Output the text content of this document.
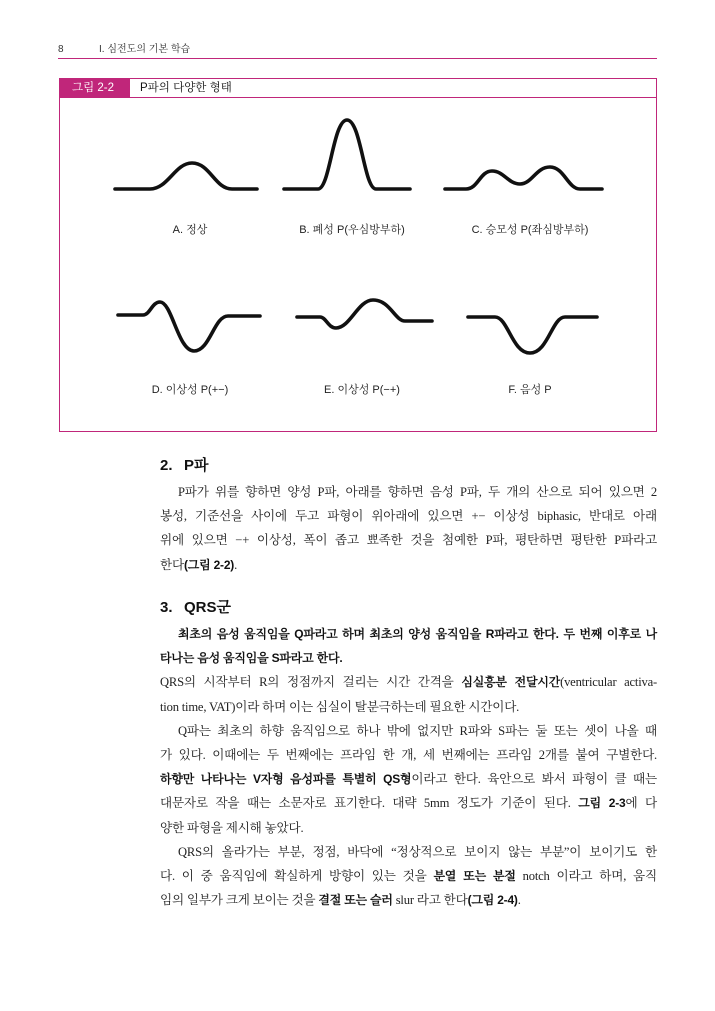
8	I. 심전도의 기본 학습
그림 2-2	P파의 다양한 형태
A. 정상	B. 폐성 P(우심방부하)	C. 승모성 P(좌심방부하)
D. 이상성 P(+−)	E. 이상성 P(−+)	F. 음성 P
2. P파
P파가 위를 향하면 양성 P파, 아래를 향하면 음성 P파, 두 개의 산으로 되어 있으면 2
봉성, 기준선을 사이에 두고 파형이 위아래에 있으면 +− 이상성 biphasic, 반대로 아래
위에 있으면 −+ 이상성, 폭이 좁고 뾰족한 것을 첨예한 P파, 평탄하면 평탄한 P파라고
한다(그림 2-2).
3. QRS군
최초의 음성 움직임을 Q파라고 하며 최초의 양성 움직임을 R파라고 한다. 두 번째 이후로 나
타나는 음성 움직임을 S파라고 한다.
QRS의 시작부터 R의 정점까지 걸리는 시간 간격을 심실흥분 전달시간(ventricular activa-
tion time, VAT)이라 하며 이는 심실이 탈분극하는데 필요한 시간이다.
Q파는 최초의 하향 움직임으로 하나 밖에 없지만 R파와 S파는 둘 또는 셋이 나올 때
가 있다. 이때에는 두 번째에는 프라임 한 개, 세 번째에는 프라임 2개를 붙여 구별한다.
하향만 나타나는 V자형 음성파를 특별히 QS형이라고 한다. 육안으로 봐서 파형이 클 때는
대문자로 작을 때는 소문자로 표기한다. 대략 5mm 정도가 기준이 된다. 그림 2-3에 다
양한 파형을 제시해 놓았다.
QRS의 올라가는 부분, 정점, 바닥에 “정상적으로 보이지 않는 부분”이 보이기도 한
다. 이 중 움직임에 확실하게 방향이 있는 것을 분열 또는 분절 notch 이라고 하며, 움직
임의 일부가 크게 보이는 것을 결절 또는 슬러 slur 라고 한다(그림 2-4).
